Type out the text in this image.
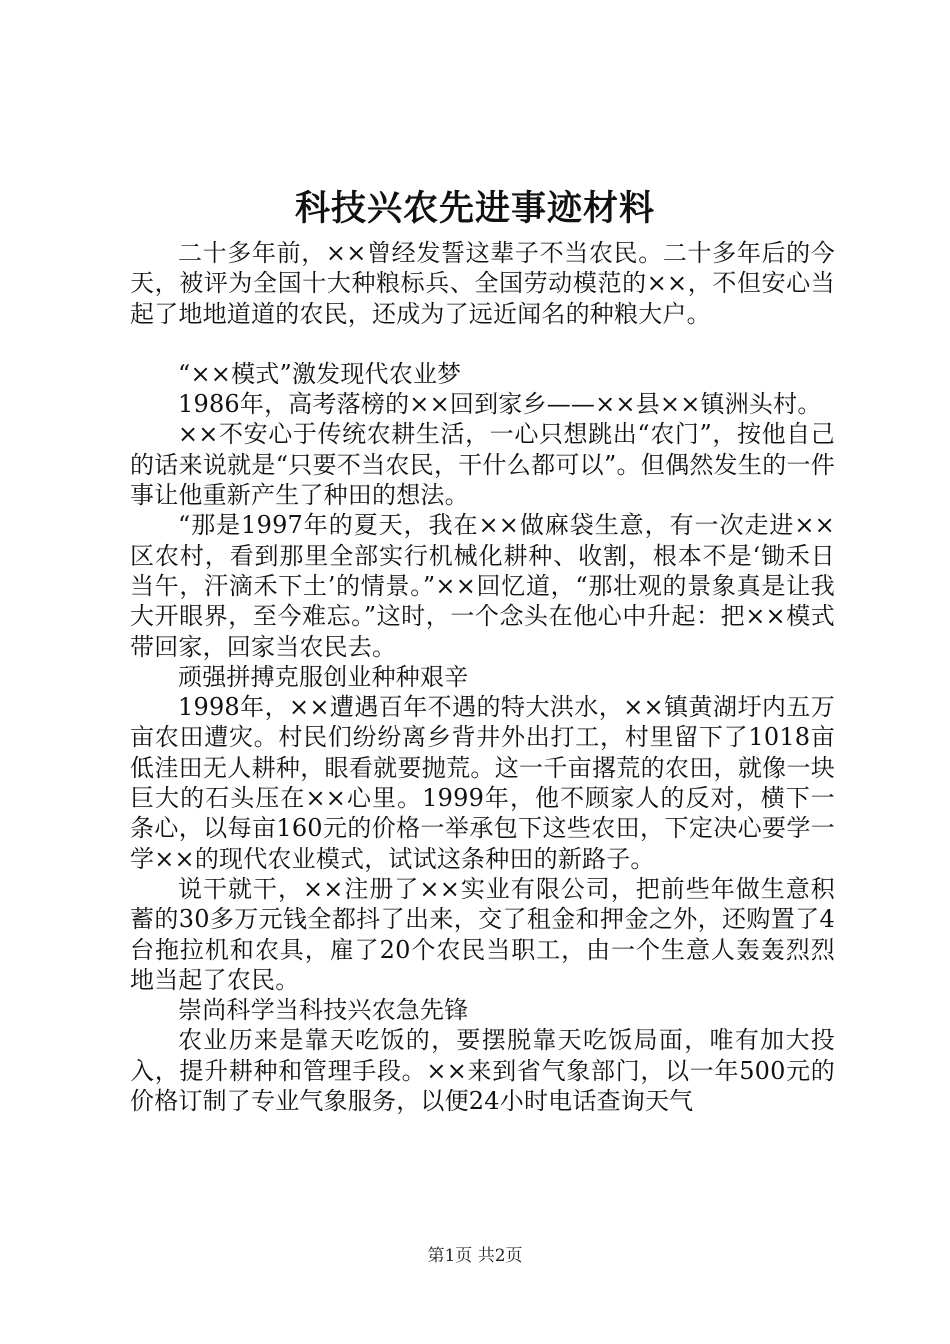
科技兴农先进事迹材料

二十多年前，××曾经发誓这辈子不当农民。二十多年后的今天，被评为全国十大种粮标兵、全国劳动模范的××，不但安心当起了地地道道的农民，还成为了远近闻名的种粮大户。

“××模式”激发现代农业梦

1986年，高考落榜的××回到家乡——××县××镇洲头村。

××不安心于传统农耕生活，一心只想跳出“农门”，按他自己的话来说就是“只要不当农民，干什么都可以”。但偶然发生的一件事让他重新产生了种田的想法。

“那是1997年的夏天，我在××做麻袋生意，有一次走进××区农村，看到那里全部实行机械化耕种、收割，根本不是‘锄禾日当午，汗滴禾下土’的情景。”××回忆道，“那壮观的景象真是让我大开眼界，至今难忘。”这时，一个念头在他心中升起：把××模式带回家，回家当农民去。

顽强拼搏克服创业种种艰辛

1998年，××遭遇百年不遇的特大洪水，××镇黄湖圩内五万亩农田遭灾。村民们纷纷离乡背井外出打工，村里留下了1018亩低洼田无人耕种，眼看就要抛荒。这一千亩撂荒的农田，就像一块巨大的石头压在××心里。1999年，他不顾家人的反对，横下一条心，以每亩160元的价格一举承包下这些农田，下定决心要学一学××的现代农业模式，试试这条种田的新路子。

说干就干，××注册了××实业有限公司，把前些年做生意积蓄的30多万元钱全都抖了出来，交了租金和押金之外，还购置了4台拖拉机和农具，雇了20个农民当职工，由一个生意人轰轰烈烈地当起了农民。

崇尚科学当科技兴农急先锋

农业历来是靠天吃饭的，要摆脱靠天吃饭局面，唯有加大投入，提升耕种和管理手段。××来到省气象部门，以一年500元的价格订制了专业气象服务，以便24小时电话查询天气

第1页 共2页
